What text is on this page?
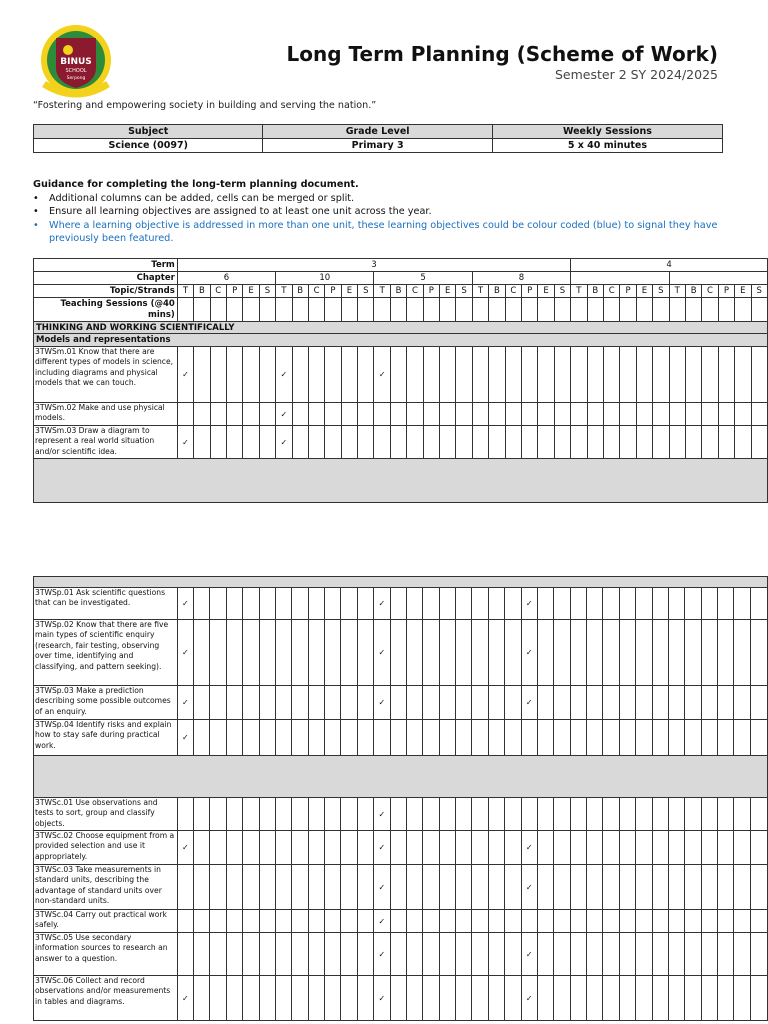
BINUS
SCHOOL
Serpong
Long Term Planning (Scheme of Work)
Semester 2 SY 2024/2025
“Fostering and empowering society in building and serving the nation.”
Subject	Grade Level	Weekly Sessions
Science (0097)	Primary 3	5 x 40 minutes
Guidance for completing the long-term planning document.
• Additional columns can be added, cells can be merged or split.
• Ensure all learning objectives are assigned to at least one unit across the year.
• Where a learning objective is addressed in more than one unit, these learning objectives could be colour coded (blue) to signal they have previously been featured.
Term	3																								4											
Chapter	6						10						5						8																	
Topic/Strands	T	B	C	P	E	S	T	B	C	P	E	S	T	B	C	P	E	S	T	B	C	P	E	S	T	B	C	P	E	S	T	B	C	P	E	S
Teaching Sessions (@40 mins)																																				
THINKING AND WORKING SCIENTIFICALLY																																				
Models and representations																																				
3TWSm.01 Know that there are different types of models in science, including diagrams and physical models that we can touch.	✓						✓						✓																							
3TWSm.02 Make and use physical models.							✓																													
3TWSm.03 Draw a diagram to represent a real world situation and/or scientific idea.	✓						✓																													

3TWSp.01 Ask scientific questions that can be investigated.	✓												✓									✓														
3TWSp.02 Know that there are five main types of scientific enquiry (research, fair testing, observing over time, identifying and classifying, and pattern seeking).	✓												✓									✓														
3TWSp.03 Make a prediction describing some possible outcomes of an enquiry.	✓												✓									✓														
3TWSp.04 Identify risks and explain how to stay safe during practical work.	✓																																			

3TWSc.01 Use observations and tests to sort, group and classify objects.													✓																							
3TWSc.02 Choose equipment from a provided selection and use it appropriately.	✓												✓									✓														
3TWSc.03 Take measurements in standard units, describing the advantage of standard units over non-standard units.													✓									✓														
3TWSc.04 Carry out practical work safely.													✓																							
3TWSc.05 Use secondary information sources to research an answer to a question.													✓									✓														
3TWSc.06 Collect and record observations and/or measurements in tables and diagrams.	✓												✓									✓														
